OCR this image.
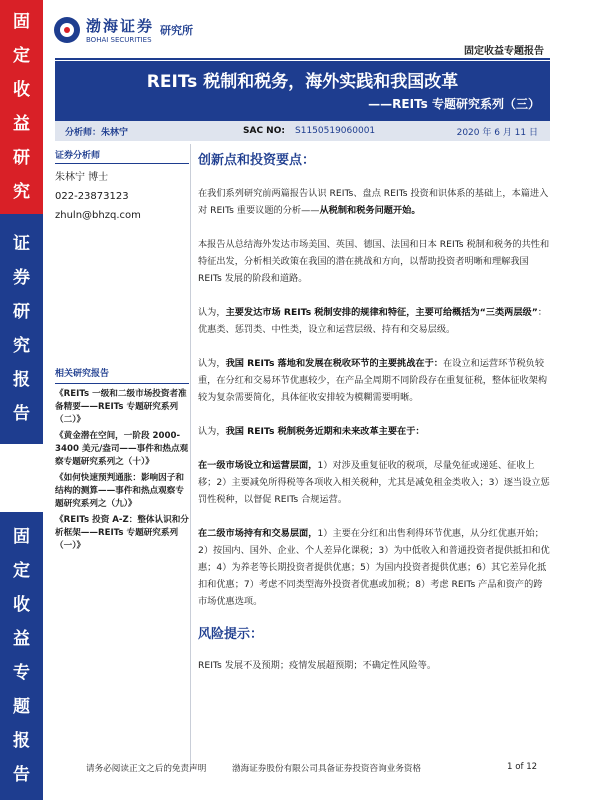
固
定
收
益
研
究
证
券
研
究
报
告
固
定
收
益
专
题
报
告
渤海证券
BOHAI SECURITIES
研究所
固定收益专题报告
REITs 税制和税务，海外实践和我国改革
——REITs 专题研究系列（三）
分析师：朱林宁	SAC NO: S1150519060001	2020 年 6 月 11 日
证券分析师
朱林宁 博士
022-23873123
zhuln@bhzq.com
相关研究报告
《REITs 一级和二级市场投资者准备精要——REITs 专题研究系列（二）》
《黄金潜在空间，一阶段 2000-3400 美元/盎司——事件和热点观察专题研究系列之（十）》
《如何快速预判通胀：影响因子和结构的测算——事件和热点观察专题研究系列之（九）》
《REITs 投资 A-Z：整体认识和分析框架——REITs 专题研究系列（一）》

创新点和投资要点：

在我们系列研究前两篇报告认识 REITs、盘点 REITs 投资和识体系的基础上，本篇进入对 REITs 重要议题的分析——从税制和税务问题开始。

本报告从总结海外发达市场美国、英国、德国、法国和日本 REITs 税制和税务的共性和特征出发，分析相关政策在我国的潜在挑战和方向，以帮助投资者明晰和理解我国 REITs 发展的阶段和道路。

认为，主要发达市场 REITs 税制安排的规律和特征，主要可给概括为“三类两层级”：优惠类、惩罚类、中性类，设立和运营层级、持有和交易层级。

认为，我国 REITs 落地和发展在税收环节的主要挑战在于：在设立和运营环节税负较重，在分红和交易环节优惠较少，在产品全周期不同阶段存在重复征税，整体征收架构较为复杂需要简化，具体征收安排较为模糊需要明晰。

认为，我国 REITs 税制税务近期和未来改革主要在于：

在一级市场设立和运营层面，1）对涉及重复征收的税项，尽量免征或递延、征收上移；2）主要减免所得税等各项收入相关税种，尤其是减免租金类收入；3）逐当设立惩罚性税种，以督促 REITs 合规运营。

在二级市场持有和交易层面，1）主要在分红和出售利得环节优惠，从分红优惠开始；2）按国内、国外、企业、个人差异化课税；3）为中低收入和普通投资者提供抵扣和优惠；4）为养老等长期投资者提供优惠；5）为国内投资者提供优惠；6）其它差异化抵扣和优惠；7）考虑不同类型海外投资者优惠或加税；8）考虑 REITs 产品和资产的跨市场优惠选项。

风险提示：

REITs 发展不及预期；疫情发展超预期；不确定性风险等。

请务必阅读正文之后的免责声明	渤海证券股份有限公司具备证券投资咨询业务资格	1 of 12
